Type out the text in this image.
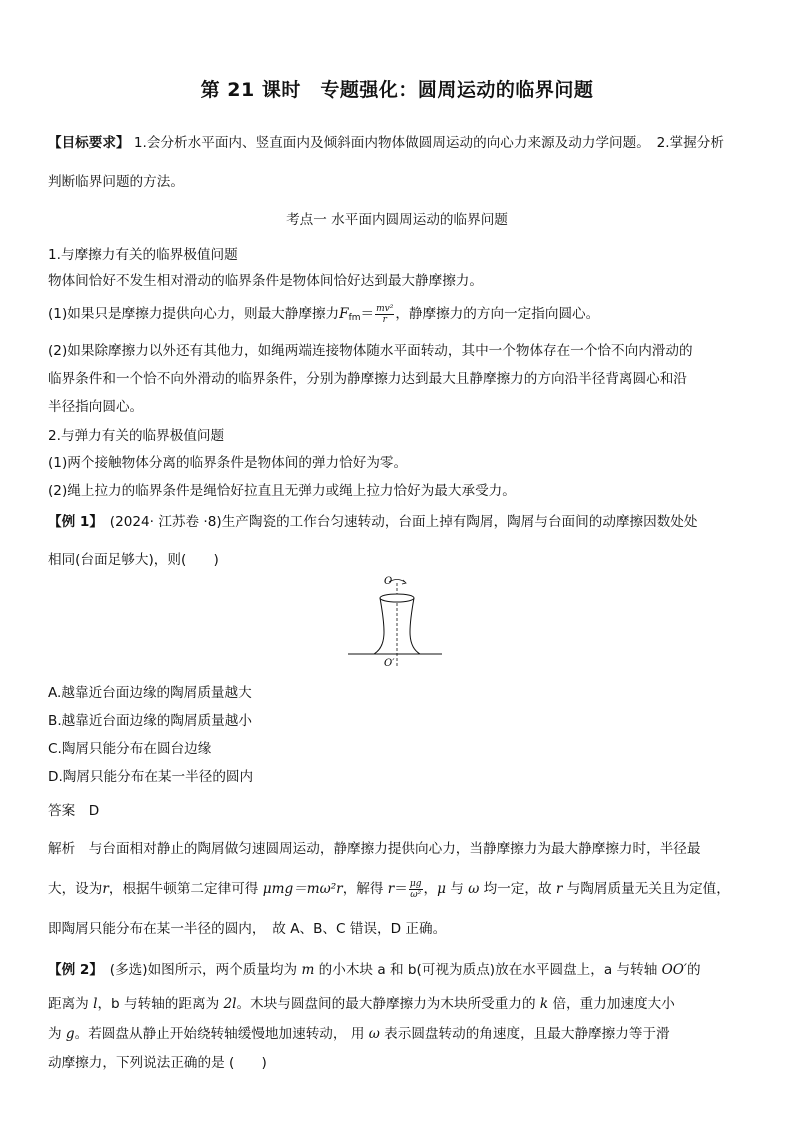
第 21 课时　专题强化：圆周运动的临界问题
【目标要求】 1.会分析水平面内、竖直面内及倾斜面内物体做圆周运动的向心力来源及动力学问题。　2.掌握分析
判断临界问题的方法。
考点一 水平面内圆周运动的临界问题
1.与摩擦力有关的临界极值问题
物体间恰好不发生相对滑动的临界条件是物体间恰好达到最大静摩擦力。
(1)如果只是摩擦力提供向心力，则最大静摩擦力$F_{fm}= \frac{\text{mv²}}{r}$ ，静摩擦力的方向一定指向圆心。
(2)如果除摩擦力以外还有其他力，如绳两端连接物体随水平面转动，其中一个物体存在一个恰不向内滑动的
临界条件和一个恰不向外滑动的临界条件，分别为静摩擦力达到最大且静摩擦力的方向沿半径背离圆心和沿
半径指向圆心。
2.与弹力有关的临界极值问题
(1)两个接触物体分离的临界条件是物体间的弹力恰好为零。
(2)绳上拉力的临界条件是绳恰好拉直且无弹力或绳上拉力恰好为最大承受力。
【例 1】　(2024· 江苏卷 ·8)生产陶瓷的工作台匀速转动，台面上掉有陶屑，陶屑与台面间的动摩擦因数处处
相同(台面足够大)，则(　　)
O
O′
A.越靠近台面边缘的陶屑质量越大
B.越靠近台面边缘的陶屑质量越小
C.陶屑只能分布在圆台边缘
D.陶屑只能分布在某一半径的圆内
答案　D
解析　与台面相对静止的陶屑做匀速圆周运动，静摩擦力提供向心力，当静摩擦力为最大静摩擦力时，半径最
大，设为r，根据牛顿第二定律可得 μmg＝mω²r，解得 $r= \frac{\mu g}{\text{ω²}}$ ，μ 与 ω 均一定，故 r 与陶屑质量无关且为定值，
即陶屑只能分布在某一半径的圆内，　故 A、B、C 错误，D 正确。
【例 2】　(多选)如图所示，两个质量均为 m 的小木块 a 和 b(可视为质点)放在水平圆盘上，a 与转轴 OO′的
距离为 l，b 与转轴的距离为 2l。木块与圆盘间的最大静摩擦力为木块所受重力的 k 倍，重力加速度大小
为 g。若圆盘从静止开始绕转轴缓慢地加速转动， 用 ω 表示圆盘转动的角速度，且最大静摩擦力等于滑
动摩擦力，下列说法正确的是 (　　)
